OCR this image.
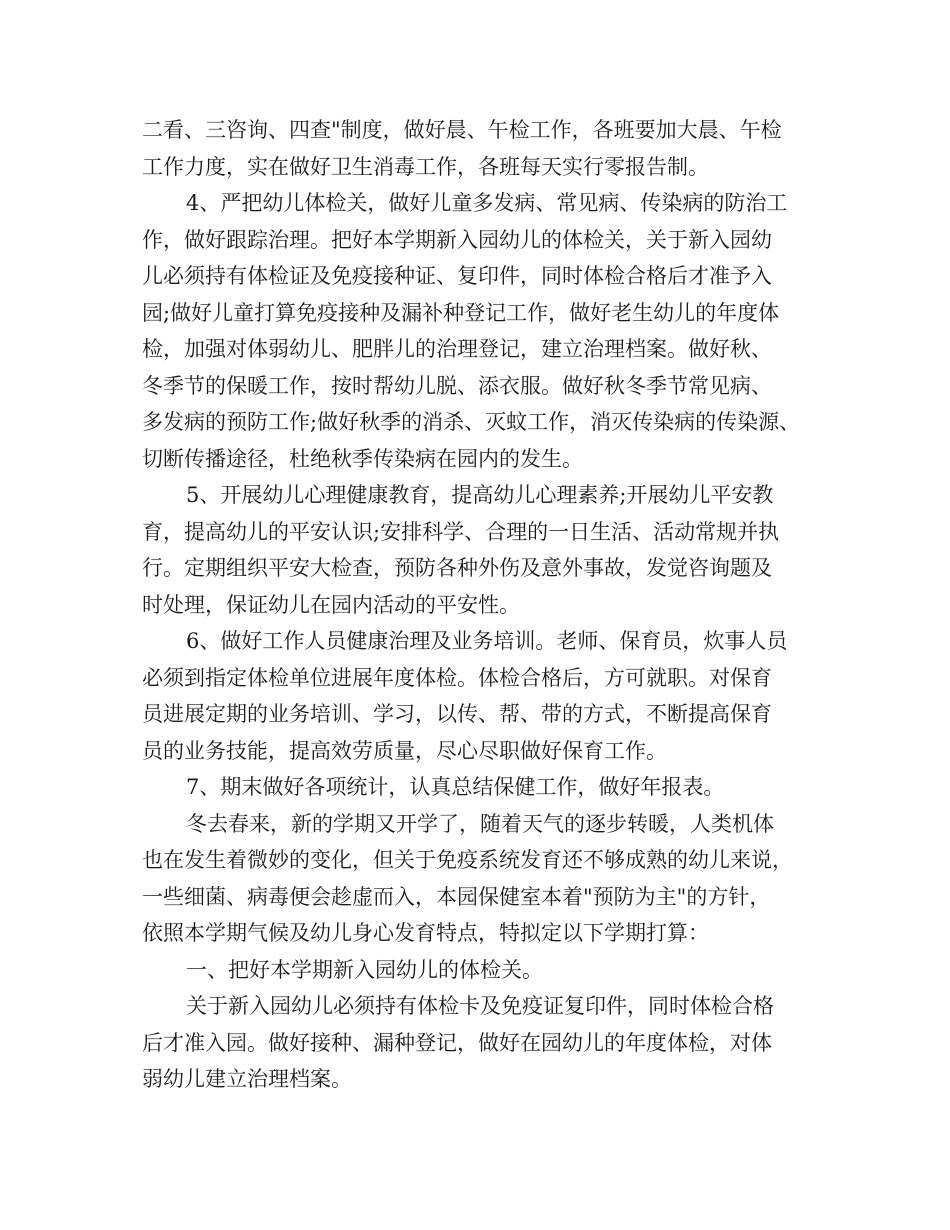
二看、三咨询、四查"制度，做好晨、午检工作，各班要加大晨、午检
工作力度，实在做好卫生消毒工作，各班每天实行零报告制。
4、严把幼儿体检关，做好儿童多发病、常见病、传染病的防治工
作，做好跟踪治理。把好本学期新入园幼儿的体检关，关于新入园幼
儿必须持有体检证及免疫接种证、复印件，同时体检合格后才准予入
园;做好儿童打算免疫接种及漏补种登记工作，做好老生幼儿的年度体
检，加强对体弱幼儿、肥胖儿的治理登记，建立治理档案。做好秋、
冬季节的保暖工作，按时帮幼儿脱、添衣服。做好秋冬季节常见病、
多发病的预防工作;做好秋季的消杀、灭蚊工作，消灭传染病的传染源、
切断传播途径，杜绝秋季传染病在园内的发生。
5、开展幼儿心理健康教育，提高幼儿心理素养;开展幼儿平安教
育，提高幼儿的平安认识;安排科学、合理的一日生活、活动常规并执
行。定期组织平安大检查，预防各种外伤及意外事故，发觉咨询题及
时处理，保证幼儿在园内活动的平安性。
6、做好工作人员健康治理及业务培训。老师、保育员，炊事人员
必须到指定体检单位进展年度体检。体检合格后，方可就职。对保育
员进展定期的业务培训、学习，以传、帮、带的方式，不断提高保育
员的业务技能，提高效劳质量，尽心尽职做好保育工作。
7、期末做好各项统计，认真总结保健工作，做好年报表。
冬去春来，新的学期又开学了，随着天气的逐步转暖，人类机体
也在发生着微妙的变化，但关于免疫系统发育还不够成熟的幼儿来说，
一些细菌、病毒便会趁虚而入，本园保健室本着"预防为主"的方针，
依照本学期气候及幼儿身心发育特点，特拟定以下学期打算：
一、把好本学期新入园幼儿的体检关。
关于新入园幼儿必须持有体检卡及免疫证复印件，同时体检合格
后才准入园。做好接种、漏种登记，做好在园幼儿的年度体检，对体
弱幼儿建立治理档案。
